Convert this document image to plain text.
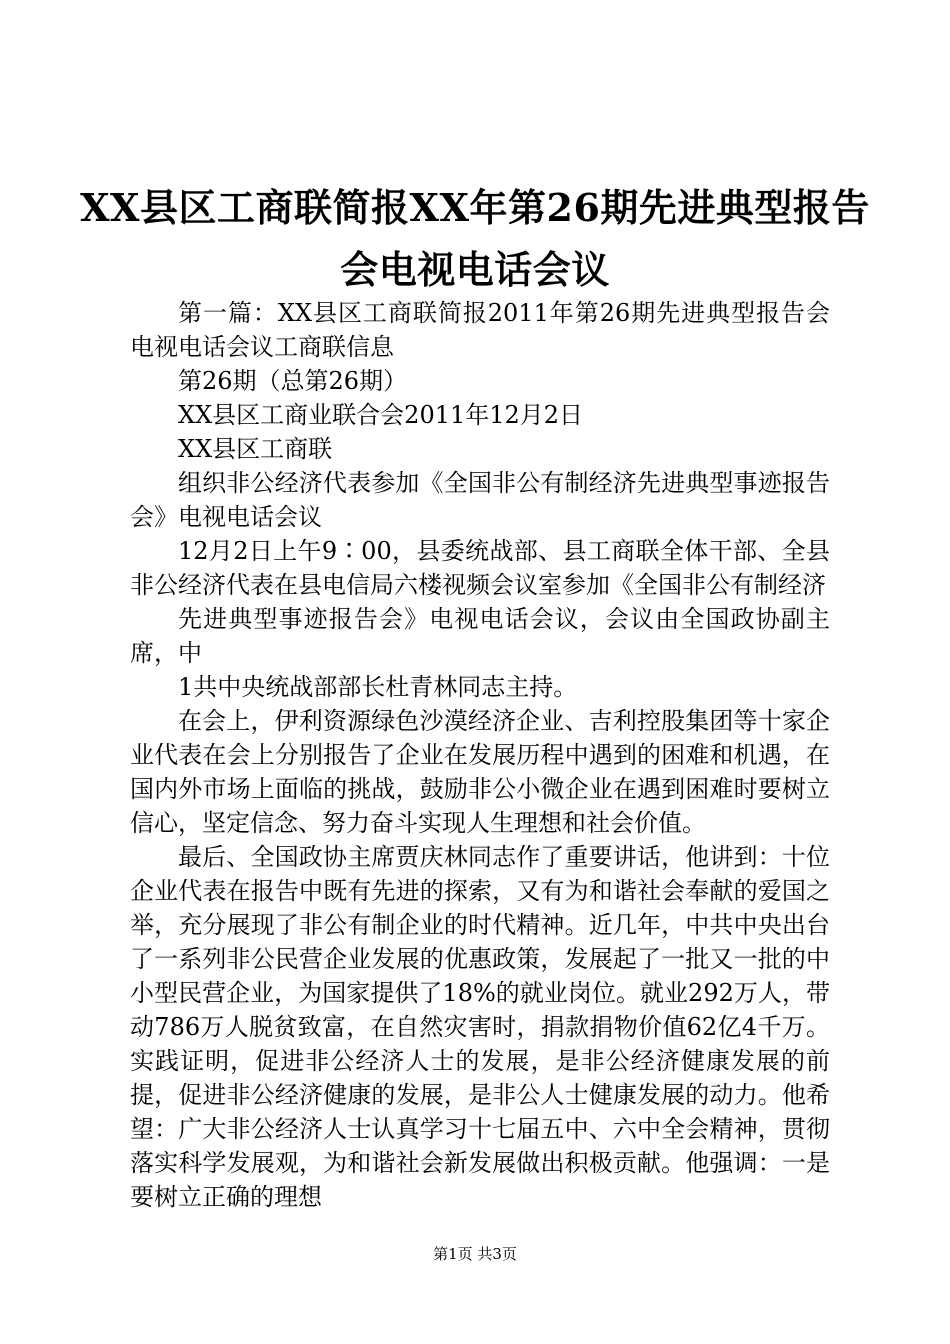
XX县区工商联简报XX年第26期先进典型报告
会电视电话会议

第一篇：XX县区工商联简报2011年第26期先进典型报告会电视电话会议工商联信息

第26期（总第26期）

XX县区工商业联合会2011年12月2日

XX县区工商联

组织非公经济代表参加《全国非公有制经济先进典型事迹报告会》电视电话会议

12月2日上午9∶00，县委统战部、县工商联全体干部、全县非公经济代表在县电信局六楼视频会议室参加《全国非公有制经济

先进典型事迹报告会》电视电话会议，会议由全国政协副主席，中

1共中央统战部部长杜青林同志主持。

在会上，伊利资源绿色沙漠经济企业、吉利控股集团等十家企业代表在会上分别报告了企业在发展历程中遇到的困难和机遇，在国内外市场上面临的挑战，鼓励非公小微企业在遇到困难时要树立信心，坚定信念、努力奋斗实现人生理想和社会价值。

最后、全国政协主席贾庆林同志作了重要讲话，他讲到：十位企业代表在报告中既有先进的探索，又有为和谐社会奉献的爱国之举，充分展现了非公有制企业的时代精神。近几年，中共中央出台了一系列非公民营企业发展的优惠政策，发展起了一批又一批的中小型民营企业，为国家提供了18%的就业岗位。就业292万人，带动786万人脱贫致富，在自然灾害时，捐款捐物价值62亿4千万。实践证明，促进非公经济人士的发展，是非公经济健康发展的前提，促进非公经济健康的发展，是非公人士健康发展的动力。他希望：广大非公经济人士认真学习十七届五中、六中全会精神，贯彻落实科学发展观，为和谐社会新发展做出积极贡献。他强调：一是要树立正确的理想

第1页 共3页
